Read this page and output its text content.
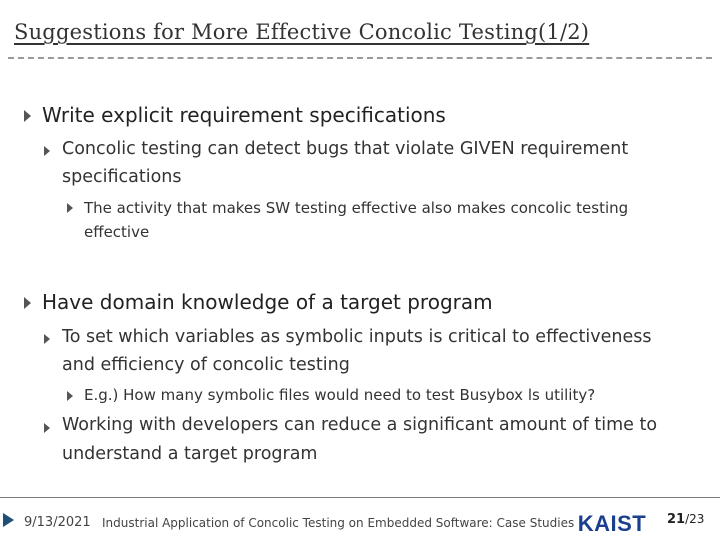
Suggestions for More Effective Concolic Testing(1/2)
Write explicit requirement specifications
Concolic testing can detect bugs that violate GIVEN requirement
specifications
The activity that makes SW testing effective also makes concolic testing
effective
Have domain knowledge of a target program
To set which variables as symbolic inputs is critical to effectiveness
and efficiency of concolic testing
E.g.) How many symbolic files would need to test Busybox ls utility?
Working with developers can reduce a significant amount of time to
understand a target program
9/13/2021 Industrial Application of Concolic Testing on Embedded Software: Case Studies KAIST 21/23
